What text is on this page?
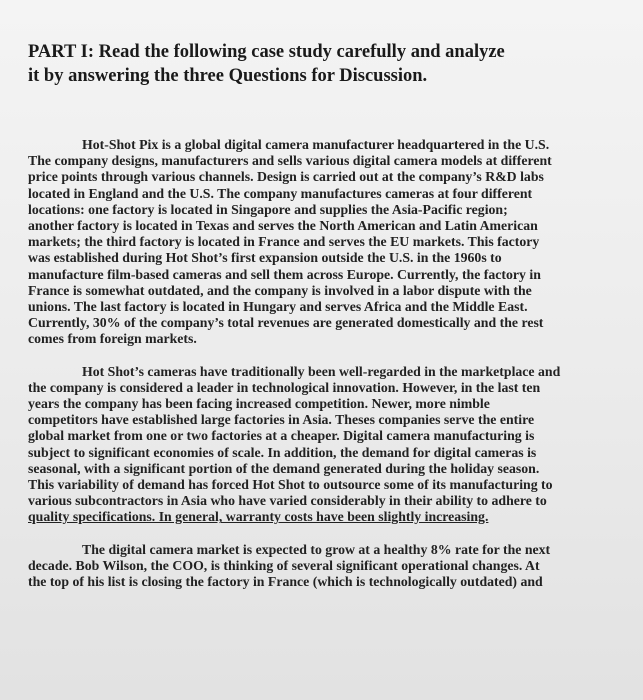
PART I: Read the following case study carefully and analyze
it by answering the three Questions for Discussion.

Hot-Shot Pix is a global digital camera manufacturer headquartered in the U.S.
The company designs, manufacturers and sells various digital camera models at different
price points through various channels. Design is carried out at the company’s R&D labs
located in England and the U.S. The company manufactures cameras at four different
locations: one factory is located in Singapore and supplies the Asia-Pacific region;
another factory is located in Texas and serves the North American and Latin American
markets; the third factory is located in France and serves the EU markets. This factory
was established during Hot Shot’s first expansion outside the U.S. in the 1960s to
manufacture film-based cameras and sell them across Europe. Currently, the factory in
France is somewhat outdated, and the company is involved in a labor dispute with the
unions. The last factory is located in Hungary and serves Africa and the Middle East.
Currently, 30% of the company’s total revenues are generated domestically and the rest
comes from foreign markets.

Hot Shot’s cameras have traditionally been well-regarded in the marketplace and
the company is considered a leader in technological innovation. However, in the last ten
years the company has been facing increased competition. Newer, more nimble
competitors have established large factories in Asia. Theses companies serve the entire
global market from one or two factories at a cheaper. Digital camera manufacturing is
subject to significant economies of scale. In addition, the demand for digital cameras is
seasonal, with a significant portion of the demand generated during the holiday season.
This variability of demand has forced Hot Shot to outsource some of its manufacturing to
various subcontractors in Asia who have varied considerably in their ability to adhere to
quality specifications. In general, warranty costs have been slightly increasing.

The digital camera market is expected to grow at a healthy 8% rate for the next
decade. Bob Wilson, the COO, is thinking of several significant operational changes. At
the top of his list is closing the factory in France (which is technologically outdated) and
